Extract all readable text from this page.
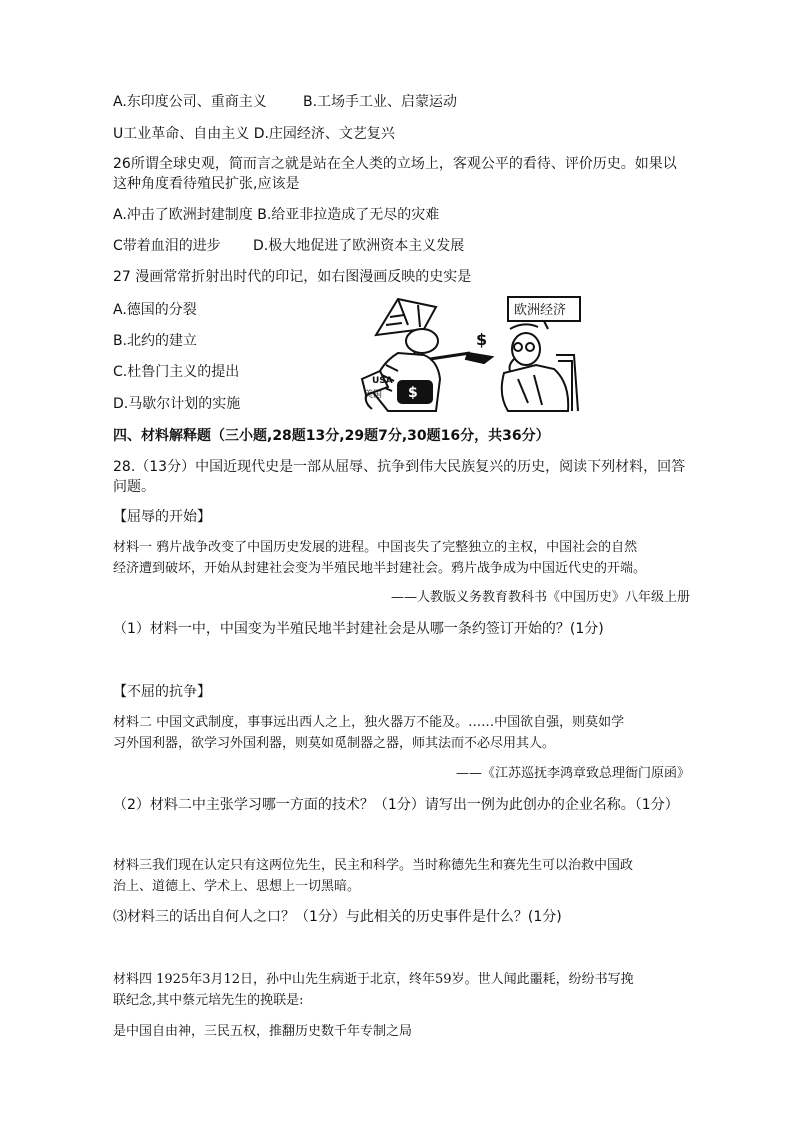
A.东印度公司、重商主义	B.工场手工业、启蒙运动
U工业革命、自由主义 D.庄园经济、文艺复兴
26所谓全球史观，简而言之就是站在全人类的立场上，客观公平的看待、评价历史。如果以
这种角度看待殖民扩张,应该是
A.冲击了欧洲封建制度 B.给亚非拉造成了无尽的灾难
C带着血泪的进步 D.极大地促进了欧洲资本主义发展
27 漫画常常折射出时代的印记，如右图漫画反映的史实是
A.德国的分裂
B.北约的建立
C.杜鲁门主义的提出
D.马歇尔计划的实施
USA
美国 $
$
欧洲经济
四、材料解释题（三小题,28题13分,29题7分,30题16分，共36分）
28.（13分）中国近现代史是一部从屈辱、抗争到伟大民族复兴的历史，阅读下列材料，回答
问题。
【屈辱的开始】
材料一 鸦片战争改变了中国历史发展的进程。中国丧失了完整独立的主权，中国社会的自然
经济遭到破坏，开始从封建社会变为半殖民地半封建社会。鸦片战争成为中国近代史的开端。
——人教版义务教育教科书《中国历史》八年级上册
（1）材料一中，中国变为半殖民地半封建社会是从哪一条约签订开始的？(1分)
【不屈的抗争】
材料二 中国文武制度，事事远出西人之上，独火器万不能及。……中国欲自强，则莫如学
习外国利器，欲学习外国利器，则莫如觅制器之器，师其法而不必尽用其人。
——《江苏巡抚李鸿章致总理衙门原函》
（2）材料二中主张学习哪一方面的技术？（1分）请写出一例为此创办的企业名称。（1分）
材料三我们现在认定只有这两位先生，民主和科学。当时称德先生和赛先生可以治救中国政
治上、道德上、学术上、思想上一切黑暗。
⑶材料三的话出自何人之口？（1分）与此相关的历史事件是什么？(1分)
材料四 1925年3月12日，孙中山先生病逝于北京，终年59岁。世人闻此噩耗，纷纷书写挽
联纪念,其中蔡元培先生的挽联是:
是中国自由神，三民五权，推翻历史数千年专制之局
